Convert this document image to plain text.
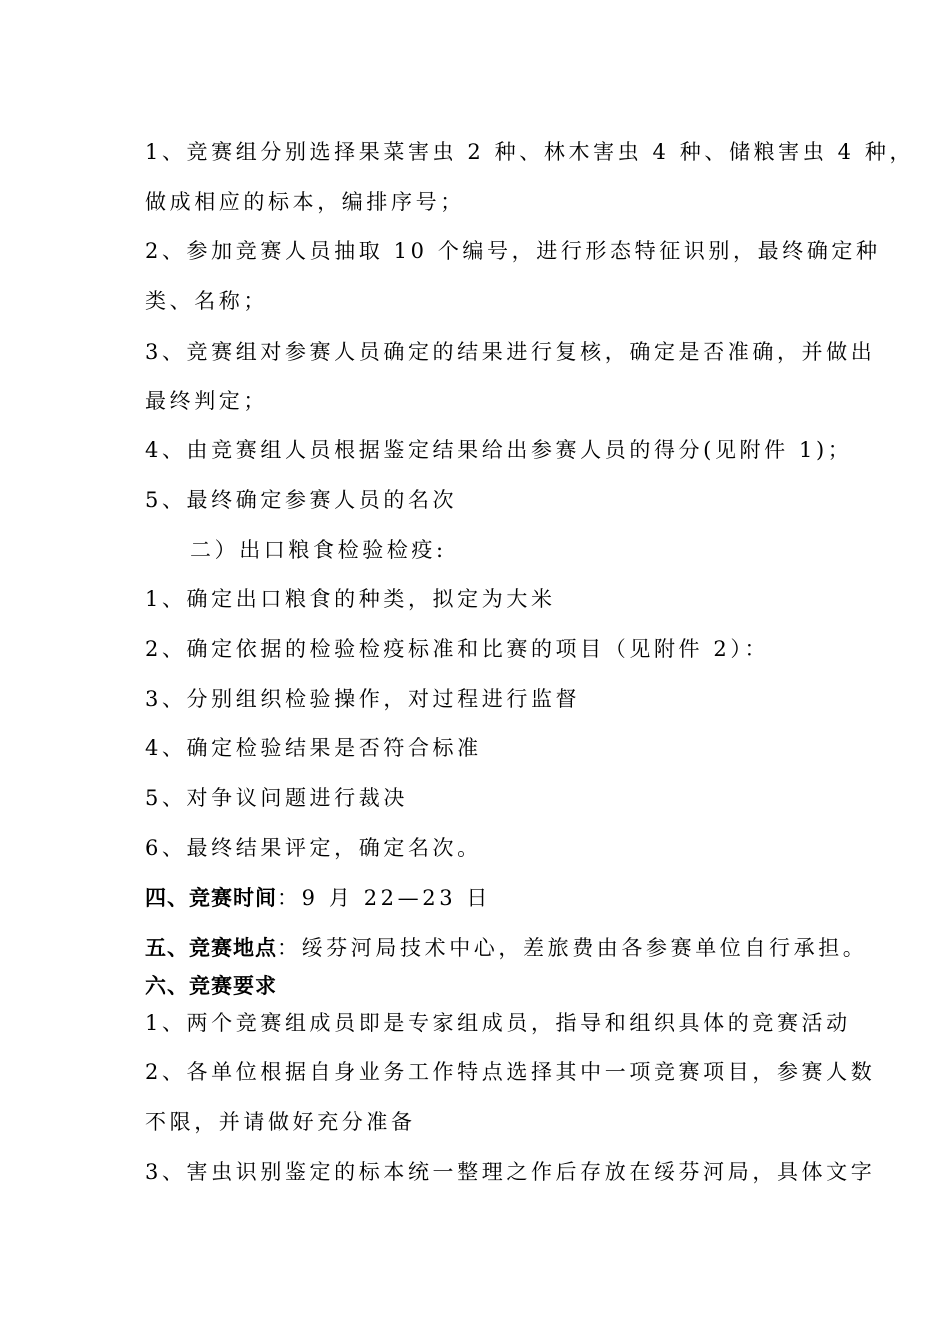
1、竞赛组分别选择果菜害虫 2 种、林木害虫 4 种、储粮害虫 4 种，
做成相应的标本，编排序号；
2、参加竞赛人员抽取 10 个编号，进行形态特征识别，最终确定种
类、名称；
3、竞赛组对参赛人员确定的结果进行复核，确定是否准确，并做出
最终判定；
4、由竞赛组人员根据鉴定结果给出参赛人员的得分(见附件 1)；
5、最终确定参赛人员的名次
二）出口粮食检验检疫:
1、确定出口粮食的种类，拟定为大米
2、确定依据的检验检疫标准和比赛的项目（见附件 2）：
3、分别组织检验操作，对过程进行监督
4、确定检验结果是否符合标准
5、对争议问题进行裁决
6、最终结果评定，确定名次。
四、竞赛时间：9 月 22—23 日
五、竞赛地点：绥芬河局技术中心，差旅费由各参赛单位自行承担。
六、竞赛要求
1、两个竞赛组成员即是专家组成员，指导和组织具体的竞赛活动
2、各单位根据自身业务工作特点选择其中一项竞赛项目，参赛人数
不限，并请做好充分准备
3、害虫识别鉴定的标本统一整理之作后存放在绥芬河局，具体文字
